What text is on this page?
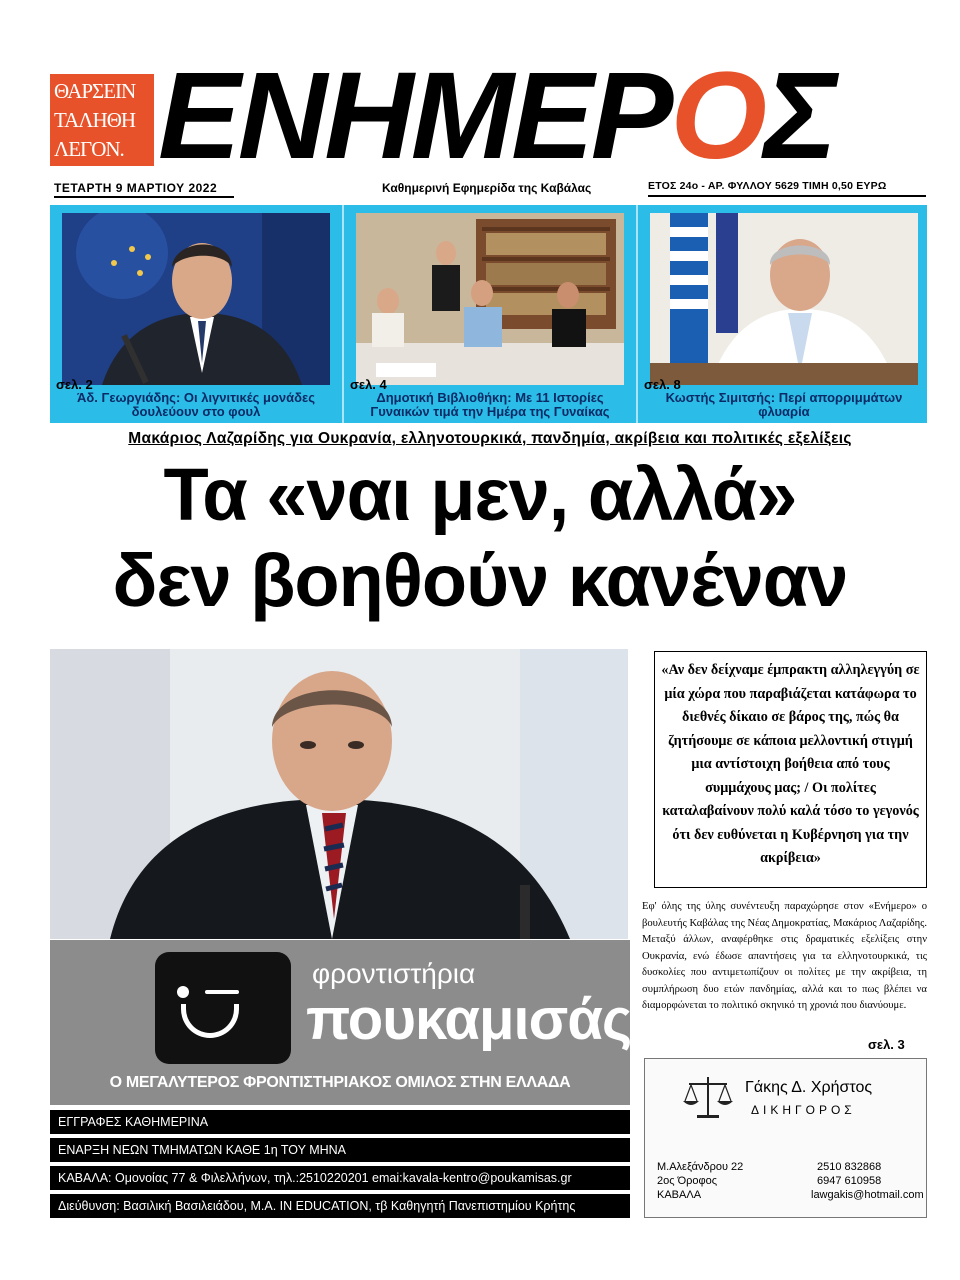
ΘΑΡΣΕΙΝ
ΤΑΛΗΘΗ
ΛΕΓΟΝ. ΕΝΗΜΕΡΟΣ
ΤΕΤΑΡΤΗ 9 ΜΑΡΤΙΟΥ 2022	Καθημερινή Εφημερίδα της Καβάλας	ΕΤΟΣ 24ο - ΑΡ. ΦΥΛΛΟΥ 5629 ΤΙΜΗ 0,50 ΕΥΡΩ
σελ. 2
Άδ. Γεωργιάδης: Οι λιγνιτικές μονάδες δουλεύουν στο φουλ
σελ. 4
Δημοτική Βιβλιοθήκη: Με 11 Ιστορίες Γυναικών τιμά την Ημέρα της Γυναίκας
σελ. 8
Κωστής Σιμιτσής: Περί απορριμμάτων φλυαρία
Μακάριος Λαζαρίδης για Ουκρανία, ελληνοτουρκικά, πανδημία, ακρίβεια και πολιτικές εξελίξεις
Τα «ναι μεν, αλλά»
δεν βοηθούν κανέναν
«Αν δεν δείχναμε έμπρακτη αλληλεγγύη σε μία χώρα που παραβιάζεται κατάφωρα το διεθνές δίκαιο σε βάρος της, πώς θα ζητήσουμε σε κάποια μελλοντική στιγμή μια αντίστοιχη βοήθεια από τους συμμάχους μας; / Οι πολίτες καταλαβαίνουν πολύ καλά τόσο το γεγονός ότι δεν ευθύνεται η Κυβέρνηση για την ακρίβεια»
Εφ' όλης της ύλης συνέντευξη παραχώρησε στον «Ενήμερο» ο βουλευτής Καβάλας της Νέας Δημοκρατίας, Μακάριος Λαζαρίδης. Μεταξύ άλλων, αναφέρθηκε στις δραματικές εξελίξεις στην Ουκρανία, ενώ έδωσε απαντήσεις για τα ελληνοτουρκικά, τις δυσκολίες που αντιμετωπίζουν οι πολίτες με την ακρίβεια, τη συμπλήρωση δυο ετών πανδημίας, αλλά και το πως βλέπει να διαμορφώνεται το πολιτικό σκηνικό τη χρονιά που διανύουμε.
σελ. 3
φροντιστήρια
πουκαμισάς
Ο ΜΕΓΑΛΥΤΕΡΟΣ ΦΡΟΝΤΙΣΤΗΡΙΑΚΟΣ ΟΜΙΛΟΣ ΣΤΗΝ ΕΛΛΑΔΑ
ΕΓΓΡΑΦΕΣ ΚΑΘΗΜΕΡΙΝΑ
ΕΝΑΡΞΗ ΝΕΩΝ ΤΜΗΜΑΤΩΝ ΚΑΘΕ 1η ΤΟΥ ΜΗΝΑ
ΚΑΒΑΛΑ: Ομονοίας 77 & Φιλελλήνων, τηλ.:2510220201 emai:kavala-kentro@poukamisas.gr
Διεύθυνση: Βασιλική Βασιλειάδου, Μ.Α. IN EDUCATION, τβ Καθηγητή Πανεπιστημίου Κρήτης
Γάκης Δ. Χρήστος
ΔΙΚΗΓΟΡΟΣ
Μ.Αλεξάνδρου 22
2ος Όροφος
ΚΑΒΑΛΑ
2510 832868
6947 610958
lawgakis@hotmail.com
